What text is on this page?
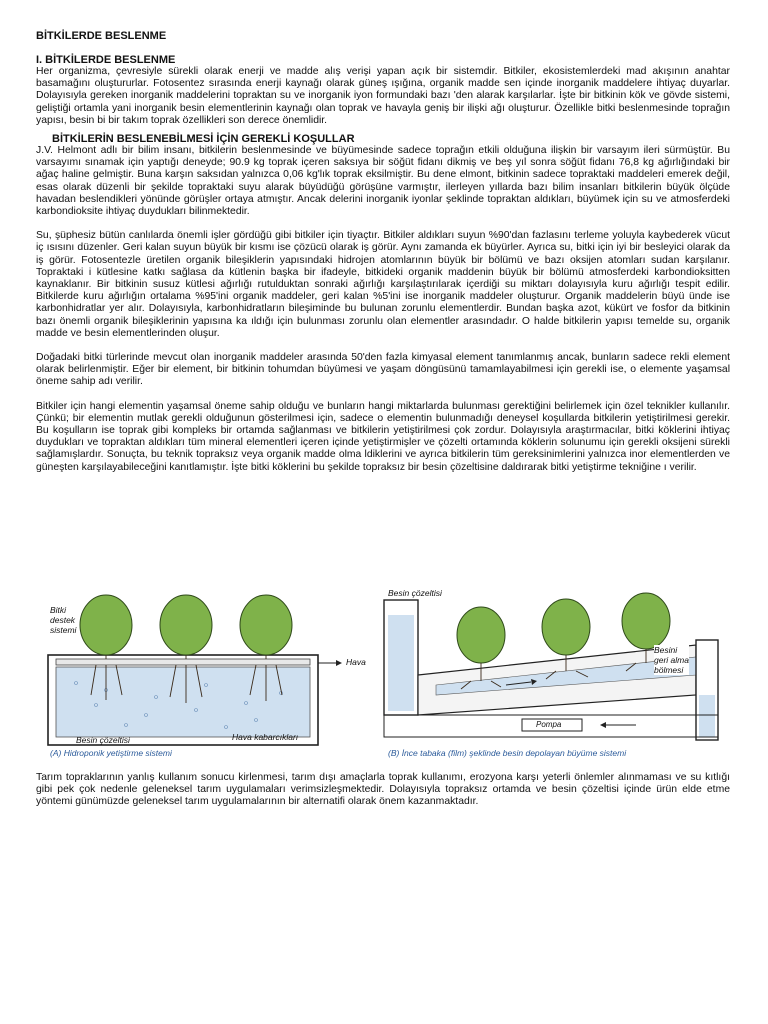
BİTKİLERDE BESLENME
I. BİTKİLERDE BESLENME

Her organizma, çevresiyle sürekli olarak enerji ve madde alış verişi yapan açık bir sistemdir. Bitkiler, ekosistemlerdeki mad akışının anahtar basamağını oluştururlar. Fotosentez sırasında enerji kaynağı olarak güneş ışığına, organik madde sen içinde inorganik maddelere ihtiyaç duyarlar. Dolayısıyla gereken inorganik maddelerini topraktan su ve inorganik iyon formundaki bazı 'den alarak karşılarlar. İşte bir bitkinin kök ve gövde sistemi, geliştiği ortamla yani inorganik besin elementlerinin kaynağı olan toprak ve havayla geniş bir ilişki ağı oluşturur. Özellikle bitki beslenmesinde toprağın yapısı, besin bi bir takım toprak özellikleri son derece önemlidir.

BİTKİLERİN BESLENEBİLMESİ İÇİN GEREKLİ KOŞULLAR

J.V. Helmont adlı bir bilim insanı, bitkilerin beslenmesinde ve büyümesinde sadece toprağın etkili olduğuna ilişkin bir varsayım ileri sürmüştür. Bu varsayımı sınamak için yaptığı deneyde; 90.9 kg toprak içeren saksıya bir söğüt fidanı dikmiş ve beş yıl sonra söğüt fidanı 76,8 kg ağırlığındaki bir ağaç haline gelmiştir. Buna karşın saksıdan yalnızca 0,06 kg'lık toprak eksilmiştir. Bu dene elmont, bitkinin sadece topraktaki maddeleri emerek değil, esas olarak düzenli bir şekilde topraktaki suyu alarak büyüdüğü görüşüne varmıştır, ilerleyen yıllarda bazı bilim insanları bitkilerin büyük ölçüde havadan beslendikleri yönünde görüşler ortaya atmıştır. Ancak delerini inorganik iyonlar şeklinde topraktan aldıkları, büyümek için su ve atmosferdeki karbondioksite ihtiyaç duydukları bilinmektedir.

Su, şüphesiz bütün canlılarda önemli işler gördüğü gibi bitkiler için tiyaçtır. Bitkiler aldıkları suyun %90'dan fazlasını terleme yoluyla kaybederek vücut iç ısısını düzenler. Geri kalan suyun büyük bir kısmı ise çözücü olarak iş görür. Aynı zamanda ek büyürler. Ayrıca su, bitki için iyi bir besleyici olarak da iş görür. Fotosentezle üretilen organik bileşiklerin yapısındaki hidrojen atomlarının büyük bir bölümü ve bazı oksijen atomları sudan karşılanır. Topraktaki i kütlesine katkı sağlasa da kütlenin başka bir ifadeyle, bitkideki organik maddenin büyük bir bölümü atmosferdeki karbondioksitten kaynaklanır. Bir bitkinin susuz kütlesi ağırlığı rutulduktan sonraki ağırlığı karşılaştırılarak içerdiği su miktarı dolayısıyla kuru ağırlığı tespit edilir. Bitkilerde kuru ağırlığın ortalama %95'ini organik maddeler, geri kalan %5'ini ise inorganik maddeler oluşturur. Organik maddelerin büyü ünde ise karbonhidratlar yer alır. Dolayısıyla, karbonhidratların bileşiminde bu bulunan zorunlu elementlerdir. Bundan başka azot, kükürt ve fosfor da bitkinin bazı önemli organik bileşiklerinin yapısına ka ıldığı için bulunması zorunlu olan elementler arasındadır. O halde bitkilerin yapısı temelde su, organik madde ve besin elementlerinden oluşur.

Doğadaki bitki türlerinde mevcut olan inorganik maddeler arasında 50'den fazla kimyasal element tanımlanmış ancak, bunların sadece rekli element olarak belirlenmiştir. Eğer bir element, bir bitkinin tohumdan büyümesi ve yaşam döngüsünü tamamlayabilmesi için gerekli ise, o elemente yaşamsal öneme sahip adı verilir.

Bitkiler için hangi elementin yaşamsal öneme sahip olduğu ve bunların hangi miktarlarda bulunması gerektiğini belirlemek için özel teknikler kullanılır. Çünkü; bir elementin mutlak gerekli olduğunun gösterilmesi için, sadece o elementin bulunmadığı deneysel koşullarda bitkilerin yetiştirilmesi gerekir. Bu koşulların ise toprak gibi kompleks bir ortamda sağlanması ve bitkilerin yetiştirilmesi çok zordur. Dolayısıyla araştırmacılar, bitki köklerini ihtiyaç duydukları ve topraktan aldıkları tüm mineral elementleri içeren içinde yetiştirmişler ve çözelti ortamında köklerin solunumu için gerekli oksijeni sürekli sağlamışlardır. Sonuçta, bu teknik topraksız veya organik madde olma ldiklerini ve ayrıca bitkilerin tüm gereksinimlerini yalnızca inor elementlerden ve güneşten karşılayabileceğini kanıtlamıştır. İşte bitki köklerini bu şekilde topraksız bir besin çözeltisine daldırarak bitki yetiştirme tekniğine ı verilir.

Bitki
destek
sistemi
Hava
Hava kabarcıkları
Besin çözeltisi
(A) Hidroponik yetiştirme sistemi
Besin çözeltisi
Besini
geri alma
bölmesi
Pompa
(B) İnce tabaka (film) şeklinde besin depolayan büyüme sistemi

Tarım topraklarının yanlış kullanım sonucu kirlenmesi, tarım dışı amaçlarla toprak kullanımı, erozyona karşı yeterli önlemler alınmaması ve su kıtlığı gibi pek çok nedenle geleneksel tarım uygulamaları verimsizleşmektedir. Dolayısıyla topraksız ortamda ve besin çözeltisi içinde ürün elde etme yöntemi günümüzde geleneksel tarım uygulamalarının bir alternatifi olarak önem kazanmaktadır.
